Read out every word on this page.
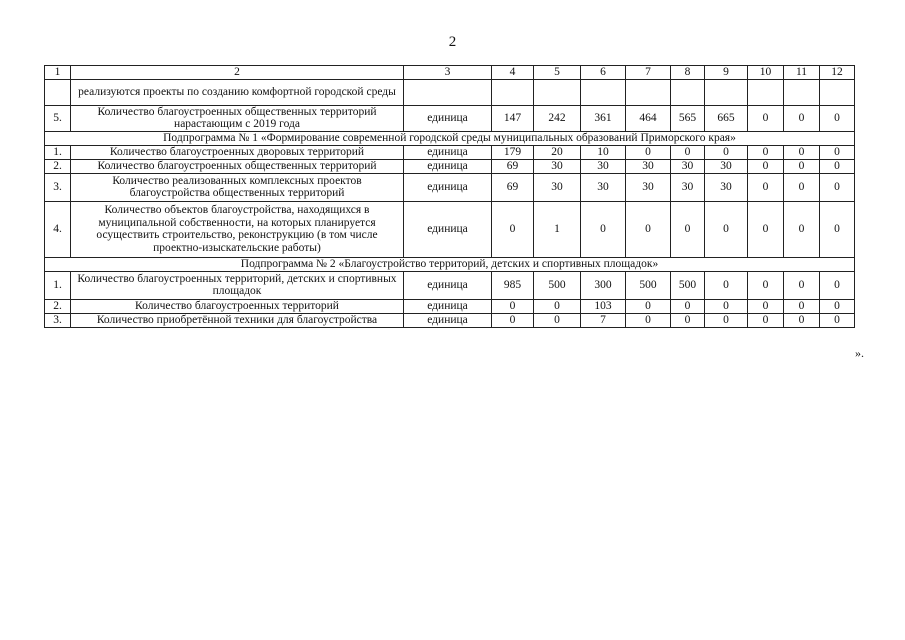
2
1	2	3	4	5	6	7	8	9	10	11	12
	реализуются проекты по созданию комфортной городской среды										
5.	Количество благоустроенных общественных территорий нарастающим с 2019 года	единица	147	242	361	464	565	665	0	0	0
Подпрограмма № 1 «Формирование современной городской среды муниципальных образований Приморского края»											
1.	Количество благоустроенных дворовых территорий	единица	179	20	10	0	0	0	0	0	0
2.	Количество благоустроенных общественных территорий	единица	69	30	30	30	30	30	0	0	0
3.	Количество реализованных комплексных проектов благоустройства общественных территорий	единица	69	30	30	30	30	30	0	0	0
4.	Количество объектов благоустройства, находящихся в муниципальной собственности, на которых планируется осуществить строительство, реконструкцию (в том числе проектно-изыскательские работы)	единица	0	1	0	0	0	0	0	0	0
Подпрограмма № 2 «Благоустройство территорий, детских и спортивных площадок»											
1.	Количество благоустроенных территорий, детских и спортивных площадок	единица	985	500	300	500	500	0	0	0	0
2.	Количество благоустроенных территорий	единица	0	0	103	0	0	0	0	0	0
3.	Количество приобретённой техники для благоустройства	единица	0	0	7	0	0	0	0	0	0
».
